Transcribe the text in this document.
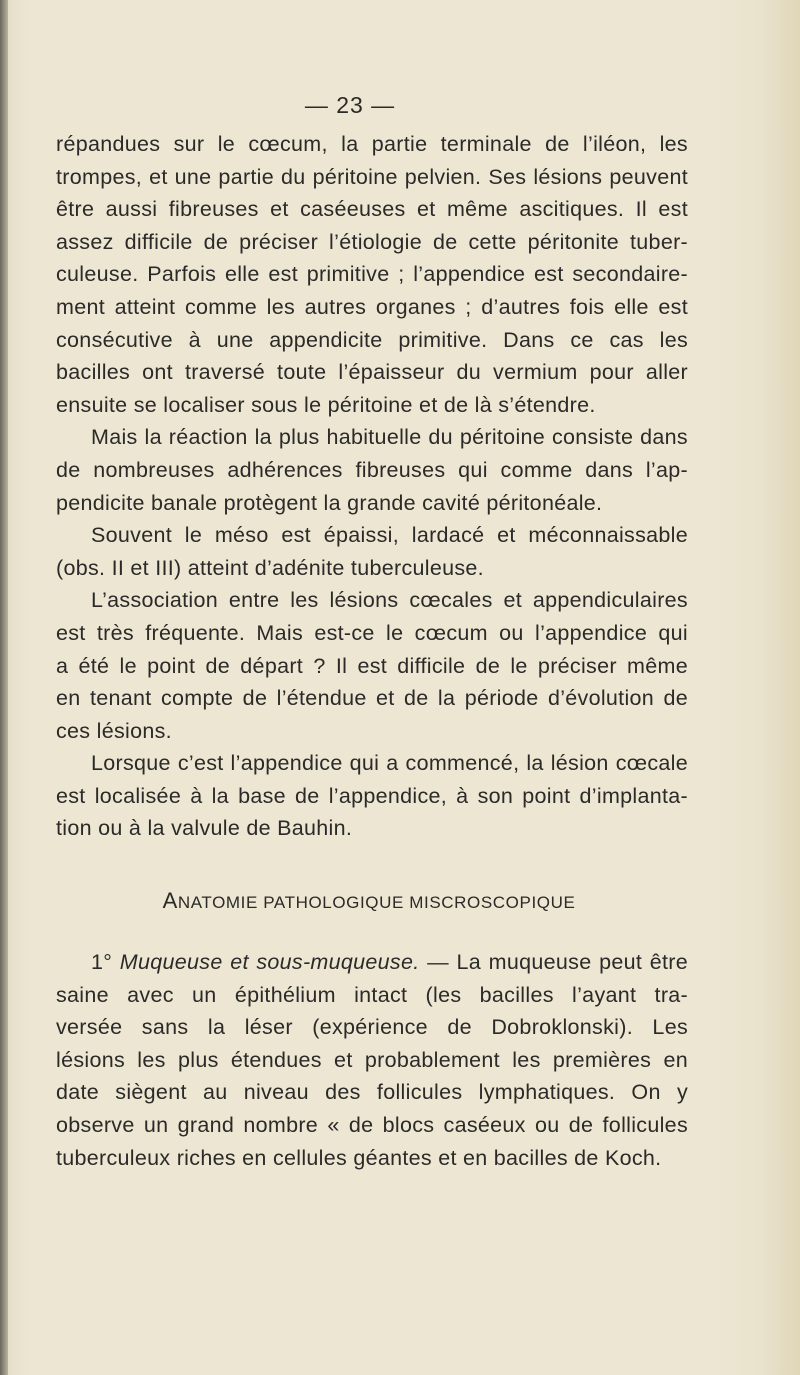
— 23 —
répandues sur le cœcum, la partie terminale de l’iléon, les
trompes, et une partie du péritoine pelvien. Ses lésions peuvent
être aussi fibreuses et caséeuses et même ascitiques. Il est
assez difficile de préciser l’étiologie de cette péritonite tuber-
culeuse. Parfois elle est primitive ; l’appendice est secondaire-
ment atteint comme les autres organes ; d’autres fois elle est
consécutive à une appendicite primitive. Dans ce cas les
bacilles ont traversé toute l’épaisseur du vermium pour aller
ensuite se localiser sous le péritoine et de là s’étendre.
Mais la réaction la plus habituelle du péritoine consiste dans
de nombreuses adhérences fibreuses qui comme dans l’ap-
pendicite banale protègent la grande cavité péritonéale.
Souvent le méso est épaissi, lardacé et méconnaissable
(obs. II et III) atteint d’adénite tuberculeuse.
L’association entre les lésions cœcales et appendiculaires
est très fréquente. Mais est-ce le cœcum ou l’appendice qui
a été le point de départ ? Il est difficile de le préciser même
en tenant compte de l’étendue et de la période d’évolution de
ces lésions.
Lorsque c’est l’appendice qui a commencé, la lésion cœcale
est localisée à la base de l’appendice, à son point d’implanta-
tion ou à la valvule de Bauhin.
ANATOMIE PATHOLOGIQUE MISCROSCOPIQUE
1° Muqueuse et sous-muqueuse. — La muqueuse peut être
saine avec un épithélium intact (les bacilles l’ayant tra-
versée sans la léser (expérience de Dobroklonski). Les
lésions les plus étendues et probablement les premières en
date siègent au niveau des follicules lymphatiques. On y
observe un grand nombre « de blocs caséeux ou de follicules
tuberculeux riches en cellules géantes et en bacilles de Koch.
